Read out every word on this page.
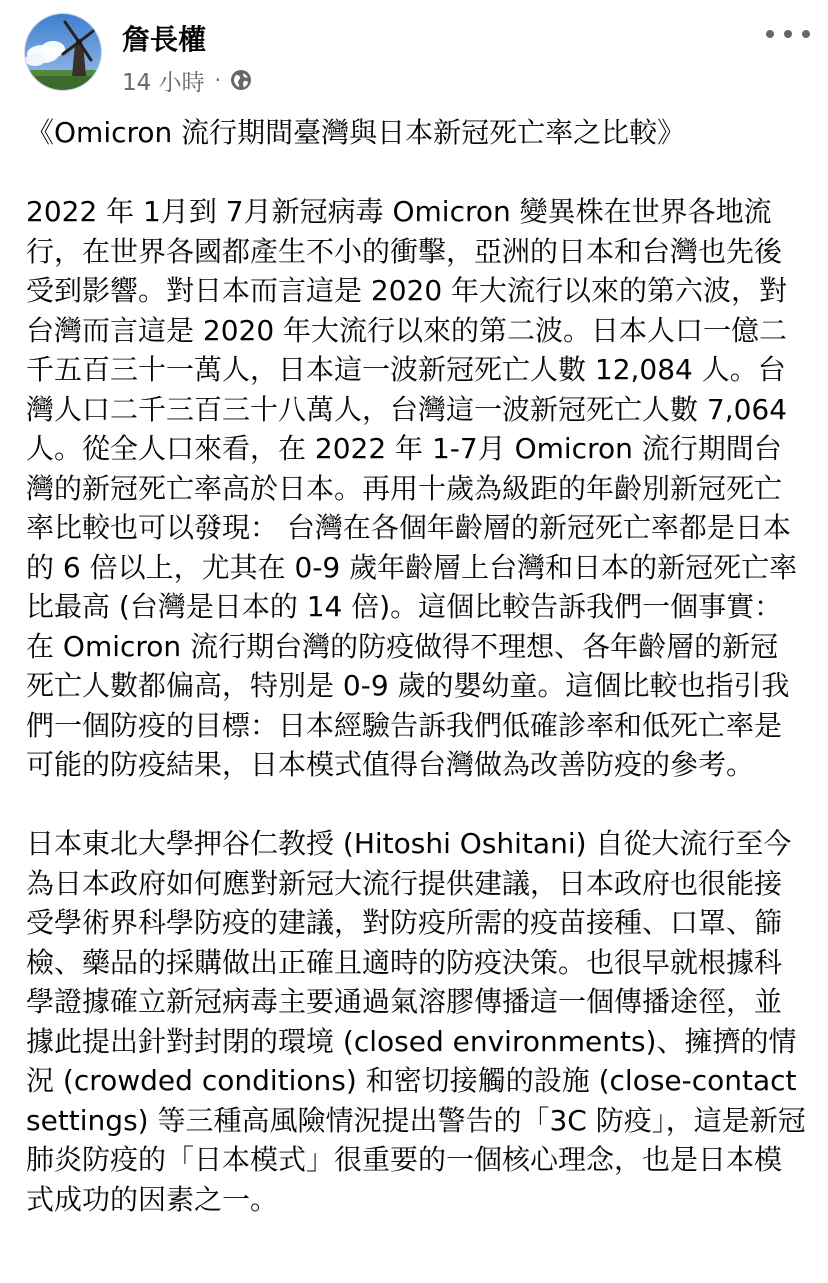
詹長權
14 小時 ·

《Omicron 流行期間臺灣與日本新冠死亡率之比較》

2022 年 1月到 7月新冠病毒 Omicron 變異株在世界各地流行，在世界各國都產生不小的衝擊，亞洲的日本和台灣也先後受到影響。對日本而言這是 2020 年大流行以來的第六波，對台灣而言這是 2020 年大流行以來的第二波。日本人口一億二千五百三十一萬人，日本這一波新冠死亡人數 12,084 人。台灣人口二千三百三十八萬人，台灣這一波新冠死亡人數 7,064 人。從全人口來看，在 2022 年 1-7月 Omicron 流行期間台灣的新冠死亡率高於日本。再用十歲為級距的年齡別新冠死亡率比較也可以發現： 台灣在各個年齡層的新冠死亡率都是日本的 6 倍以上，尤其在 0-9 歲年齡層上台灣和日本的新冠死亡率比最高 (台灣是日本的 14 倍)。這個比較告訴我們一個事實：在 Omicron 流行期台灣的防疫做得不理想、各年齡層的新冠死亡人數都偏高，特別是 0-9 歲的嬰幼童。這個比較也指引我們一個防疫的目標：日本經驗告訴我們低確診率和低死亡率是可能的防疫結果，日本模式值得台灣做為改善防疫的參考。

日本東北大學押谷仁教授 (Hitoshi Oshitani) 自從大流行至今為日本政府如何應對新冠大流行提供建議，日本政府也很能接受學術界科學防疫的建議，對防疫所需的疫苗接種、口罩、篩檢、藥品的採購做出正確且適時的防疫決策。也很早就根據科學證據確立新冠病毒主要通過氣溶膠傳播這一個傳播途徑，並據此提出針對封閉的環境 (closed environments)、擁擠的情況 (crowded conditions) 和密切接觸的設施 (close-contact settings) 等三種高風險情況提出警告的「3C 防疫」，這是新冠肺炎防疫的「日本模式」很重要的一個核心理念，也是日本模式成功的因素之一。
